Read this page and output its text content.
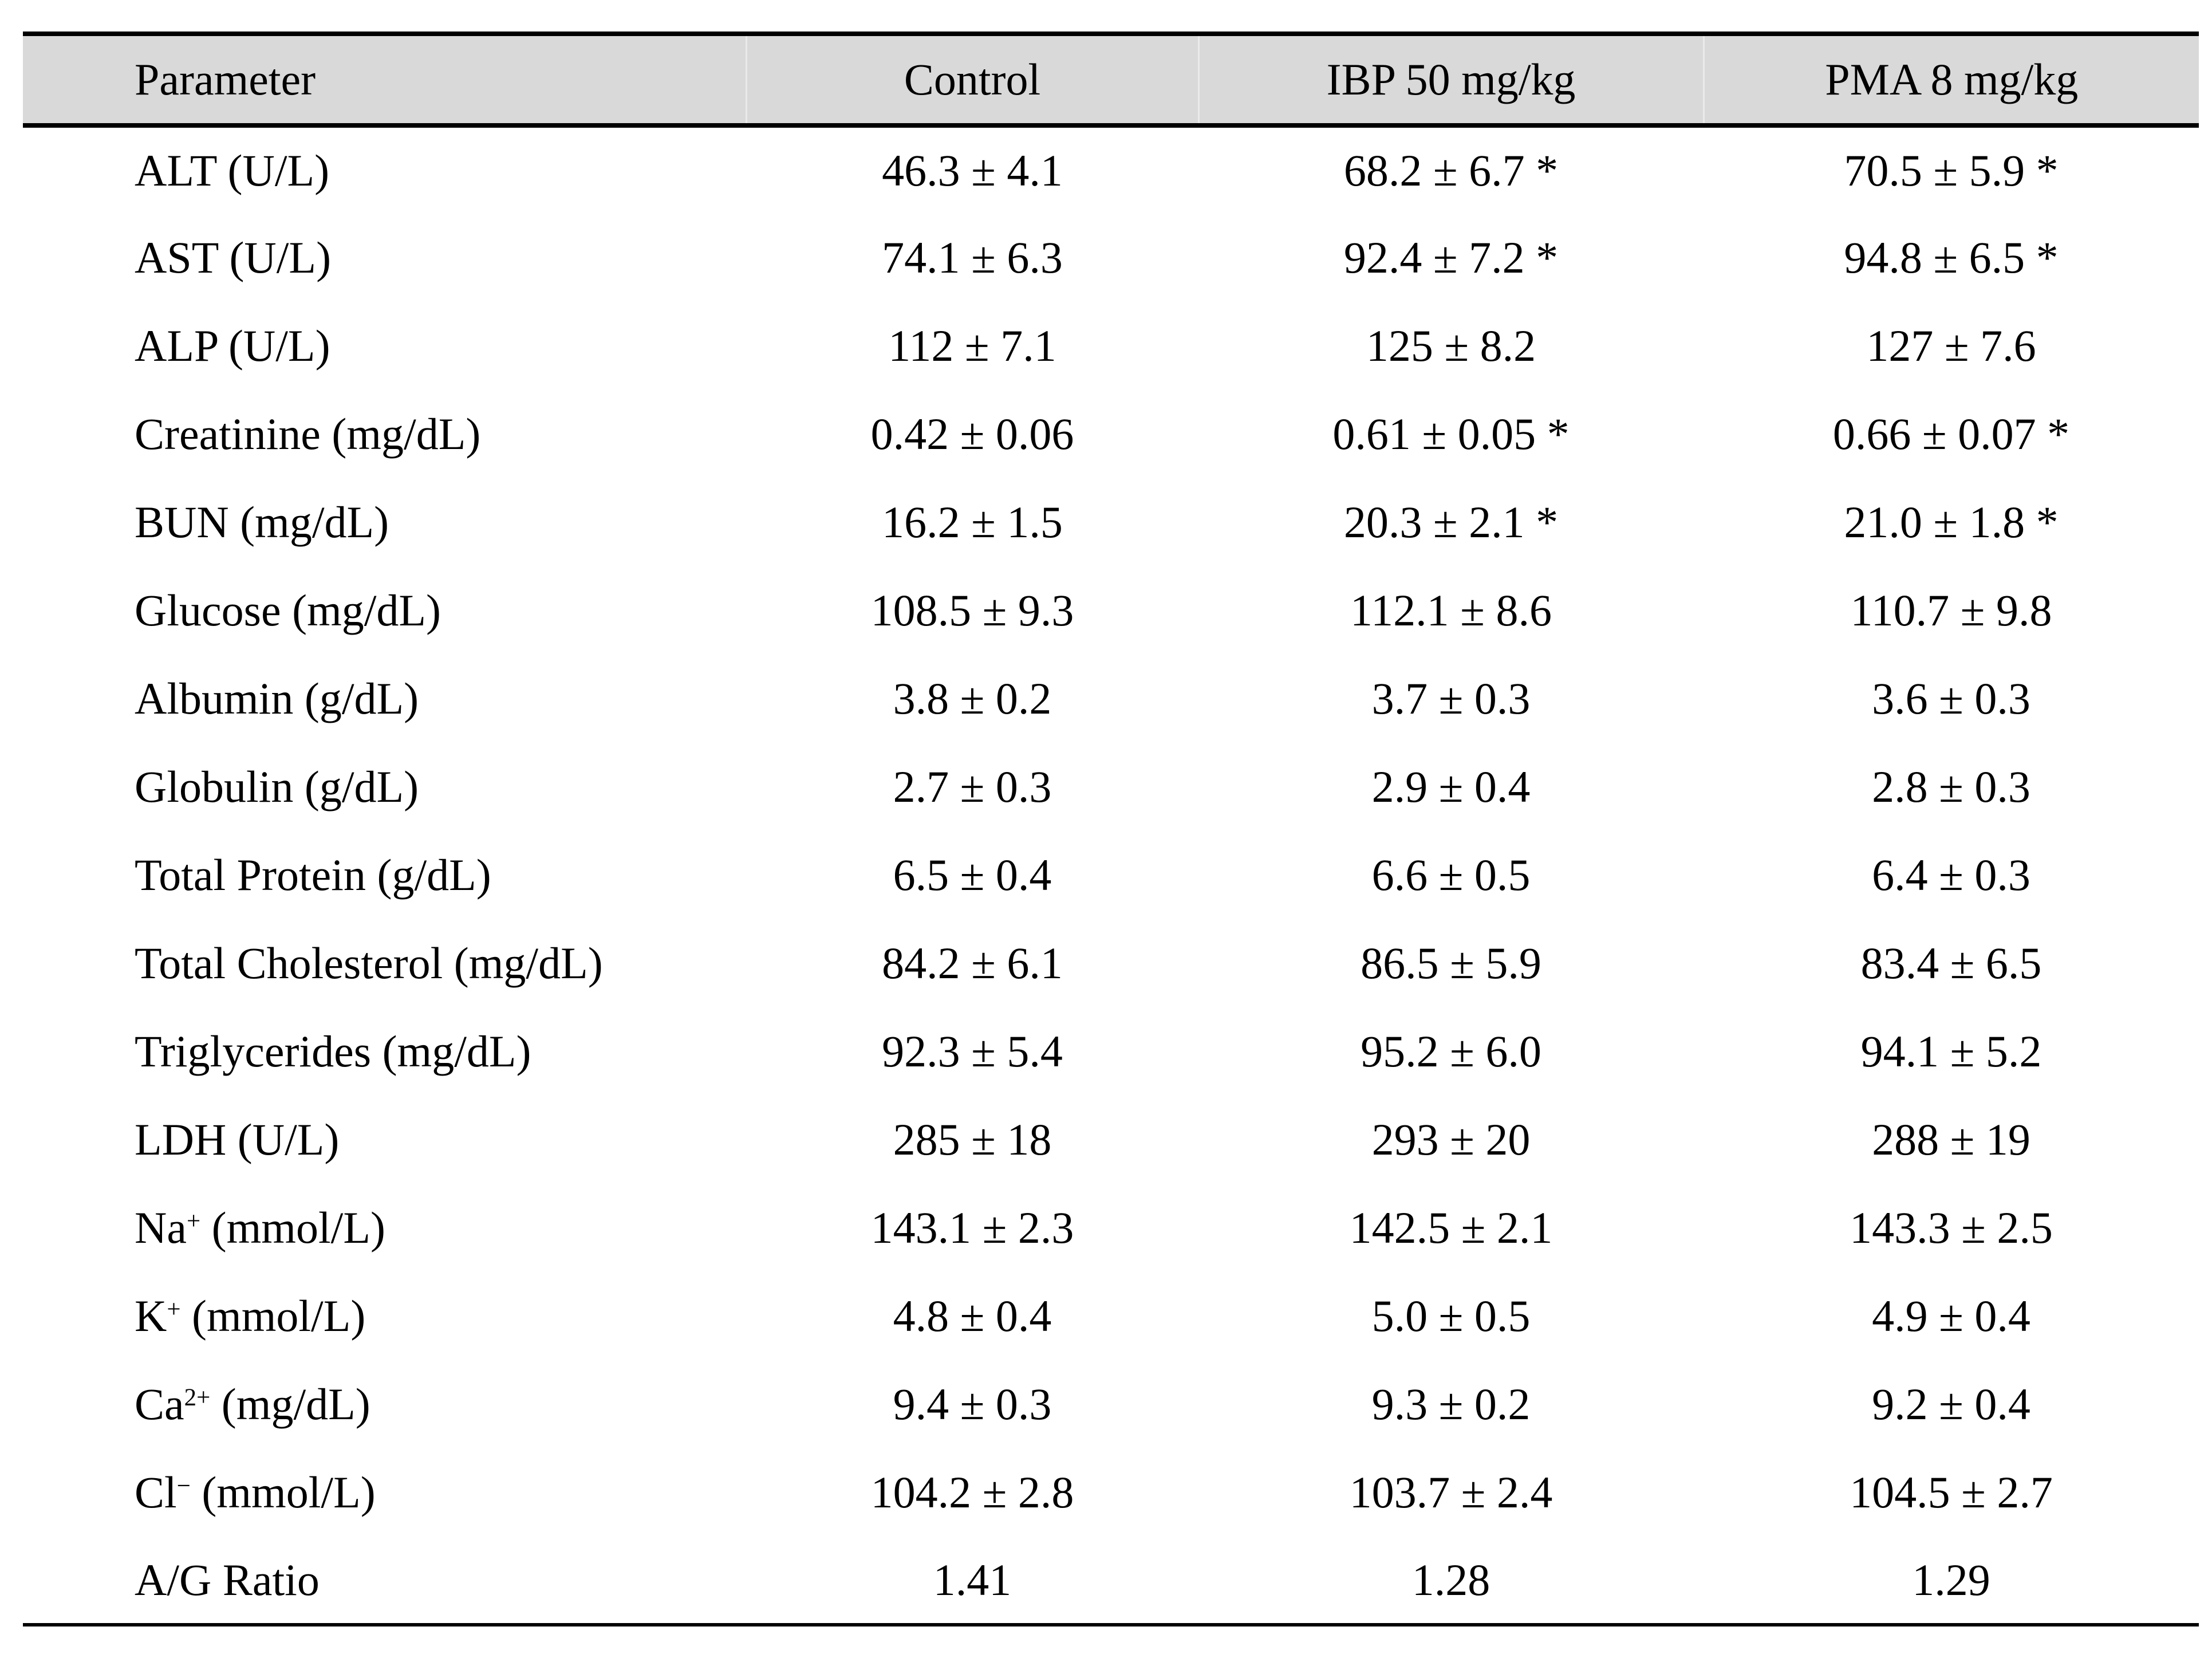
Parameter	Control	IBP 50 mg/kg	PMA 8 mg/kg
ALT (U/L)	46.3 ± 4.1	68.2 ± 6.7 *	70.5 ± 5.9 *
AST (U/L)	74.1 ± 6.3	92.4 ± 7.2 *	94.8 ± 6.5 *
ALP (U/L)	112 ± 7.1	125 ± 8.2	127 ± 7.6
Creatinine (mg/dL)	0.42 ± 0.06	0.61 ± 0.05 *	0.66 ± 0.07 *
BUN (mg/dL)	16.2 ± 1.5	20.3 ± 2.1 *	21.0 ± 1.8 *
Glucose (mg/dL)	108.5 ± 9.3	112.1 ± 8.6	110.7 ± 9.8
Albumin (g/dL)	3.8 ± 0.2	3.7 ± 0.3	3.6 ± 0.3
Globulin (g/dL)	2.7 ± 0.3	2.9 ± 0.4	2.8 ± 0.3
Total Protein (g/dL)	6.5 ± 0.4	6.6 ± 0.5	6.4 ± 0.3
Total Cholesterol (mg/dL)	84.2 ± 6.1	86.5 ± 5.9	83.4 ± 6.5
Triglycerides (mg/dL)	92.3 ± 5.4	95.2 ± 6.0	94.1 ± 5.2
LDH (U/L)	285 ± 18	293 ± 20	288 ± 19
Na+ (mmol/L)	143.1 ± 2.3	142.5 ± 2.1	143.3 ± 2.5
K+ (mmol/L)	4.8 ± 0.4	5.0 ± 0.5	4.9 ± 0.4
$Ca^{2+}$ (mg/dL)	9.4 ± 0.3	9.3 ± 0.2	9.2 ± 0.4
Cl− (mmol/L)	104.2 ± 2.8	103.7 ± 2.4	104.5 ± 2.7
A/G Ratio	1.41	1.28	1.29
